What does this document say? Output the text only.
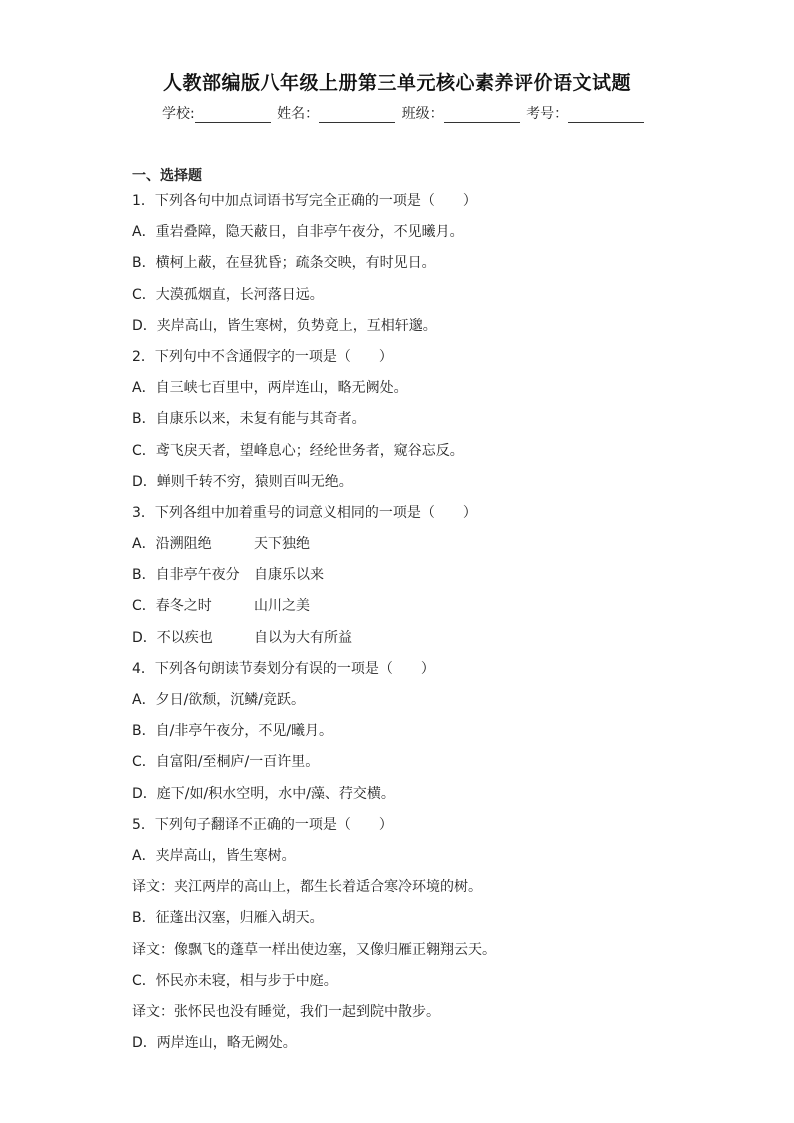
人教部编版八年级上册第三单元核心素养评价语文试题
学校:	姓名：	班级：	考号：
一、选择题
1．下列各句中加点词语书写完全正确的一项是（　　）
A．重岩叠障，隐天蔽日，自非亭午夜分，不见曦月。
B．横柯上蔽，在昼犹昏；疏条交映，有时见日。
C．大漠孤烟直，长河落日远。
D．夹岸高山，皆生寒树，负势竟上，互相轩邈。
2．下列句中不含通假字的一项是（　　）
A．自三峡七百里中，两岸连山，略无阙处。
B．自康乐以来，未复有能与其奇者。
C．鸢飞戾天者，望峰息心；经纶世务者，窥谷忘反。
D．蝉则千转不穷，猿则百叫无绝。
3．下列各组中加着重号的词意义相同的一项是（　　）
A．沿溯阻绝	天下独绝
B．自非亭午夜分 自康乐以来
C．春冬之时	山川之美
D．不以疾也	自以为大有所益
4．下列各句朗读节奏划分有误的一项是（　　）
A．夕日/欲颓，沉鳞/竞跃。
B．自/非亭午夜分，不见/曦月。
C．自富阳/至桐庐/一百许里。
D．庭下/如/积水空明，水中/藻、荇交横。
5．下列句子翻译不正确的一项是（　　）
A．夹岸高山，皆生寒树。
译文：夹江两岸的高山上，都生长着适合寒冷环境的树。
B．征蓬出汉塞，归雁入胡天。
译文：像飘飞的蓬草一样出使边塞，又像归雁正翱翔云天。
C．怀民亦未寝，相与步于中庭。
译文：张怀民也没有睡觉，我们一起到院中散步。
D．两岸连山，略无阙处。
